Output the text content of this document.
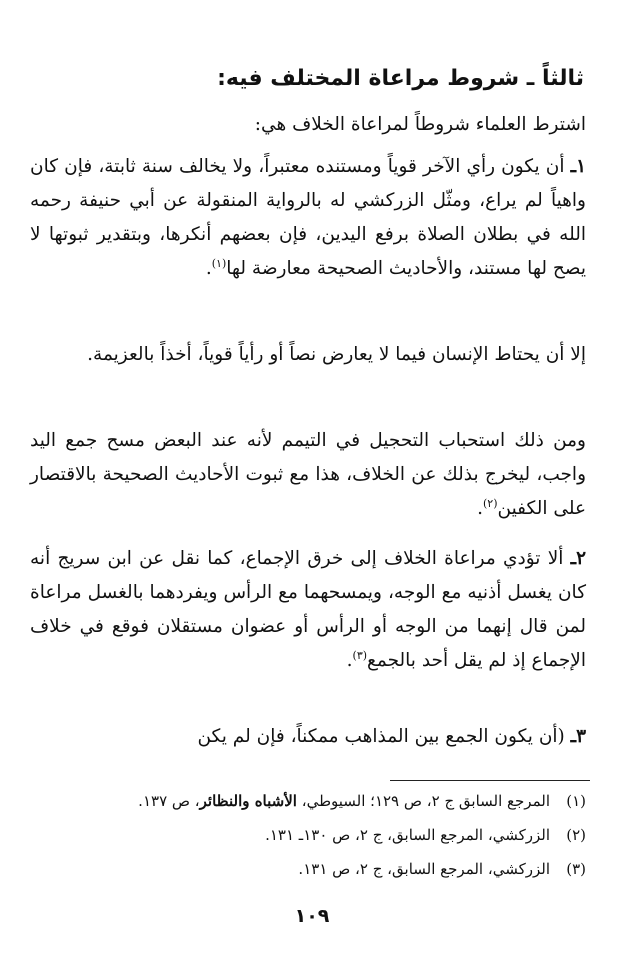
ثالثاً ـ شروط مراعاة المختلف فيه:

اشترط العلماء شروطاً لمراعاة الخلاف هي:

١ـ أن يكون رأي الآخر قوياً ومستنده معتبراً، ولا يخالف سنة ثابتة، فإن كان واهياً لم يراع، ومثّل الزركشي له بالرواية المنقولة عن أبي حنيفة رحمه الله في بطلان الصلاة برفع اليدين، فإن بعضهم أنكرها، وبتقدير ثبوتها لا يصح لها مستند، والأحاديث الصحيحة معارضة لها$^{(١)}$.

إلا أن يحتاط الإنسان فيما لا يعارض نصاً أو رأياً قوياً، أخذاً بالعزيمة.

ومن ذلك استحباب التحجيل في التيمم لأنه عند البعض مسح جمع اليد واجب، ليخرج بذلك عن الخلاف، هذا مع ثبوت الأحاديث الصحيحة بالاقتصار على الكفين$^{(٢)}$.

٢ـ ألا تؤدي مراعاة الخلاف إلى خرق الإجماع، كما نقل عن ابن سريج أنه كان يغسل أذنيه مع الوجه، ويمسحهما مع الرأس ويفردهما بالغسل مراعاة لمن قال إنهما من الوجه أو الرأس أو عضوان مستقلان فوقع في خلاف الإجماع إذ لم يقل أحد بالجمع$^{(٣)}$.

٣ـ (أن يكون الجمع بين المذاهب ممكناً، فإن لم يكن

(١)المرجع السابق ج ٢، ص ١٢٩؛ السيوطي، الأشباه والنظائر، ص ١٣٧.

(٢)الزركشي، المرجع السابق، ج ٢، ص ١٣٠ـ ١٣١.

(٣)الزركشي، المرجع السابق، ج ٢، ص ١٣١.

١٠٩
